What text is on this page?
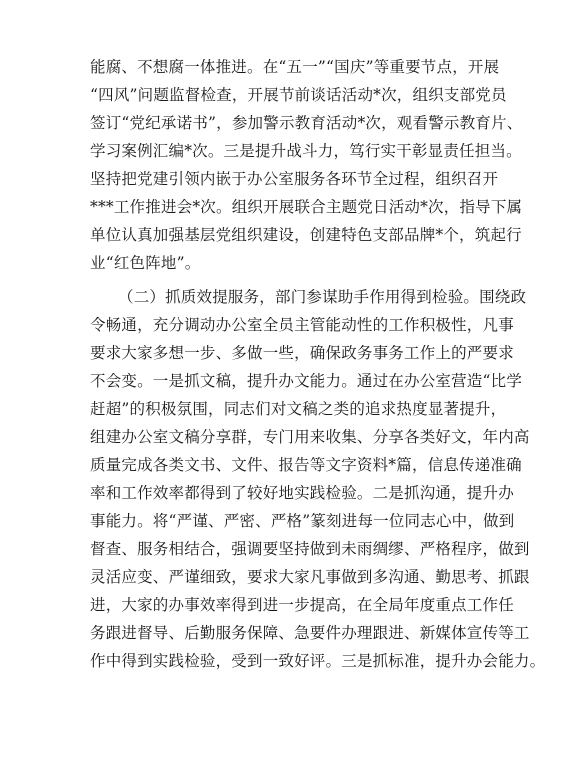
能腐、不想腐一体推进。在“五一”“国庆”等重要节点，开展
“四风”问题监督检查，开展节前谈话活动*次，组织支部党员
签订“党纪承诺书”，参加警示教育活动*次，观看警示教育片、
学习案例汇编*次。三是提升战斗力，笃行实干彰显责任担当。
坚持把党建引领内嵌于办公室服务各环节全过程，组织召开
***工作推进会*次。组织开展联合主题党日活动*次，指导下属
单位认真加强基层党组织建设，创建特色支部品牌*个，筑起行
业“红色阵地”。
（二）抓质效提服务，部门参谋助手作用得到检验。围绕政
令畅通，充分调动办公室全员主管能动性的工作积极性，凡事
要求大家多想一步、多做一些，确保政务事务工作上的严要求
不会变。一是抓文稿，提升办文能力。通过在办公室营造“比学
赶超”的积极氛围，同志们对文稿之类的追求热度显著提升，
组建办公室文稿分享群，专门用来收集、分享各类好文，年内高
质量完成各类文书、文件、报告等文字资料*篇，信息传递准确
率和工作效率都得到了较好地实践检验。二是抓沟通，提升办
事能力。将“严谨、严密、严格”篆刻进每一位同志心中，做到
督查、服务相结合，强调要坚持做到未雨绸缪、严格程序，做到
灵活应变、严谨细致，要求大家凡事做到多沟通、勤思考、抓跟
进，大家的办事效率得到进一步提高，在全局年度重点工作任
务跟进督导、后勤服务保障、急要件办理跟进、新媒体宣传等工
作中得到实践检验，受到一致好评。三是抓标准，提升办会能力。
